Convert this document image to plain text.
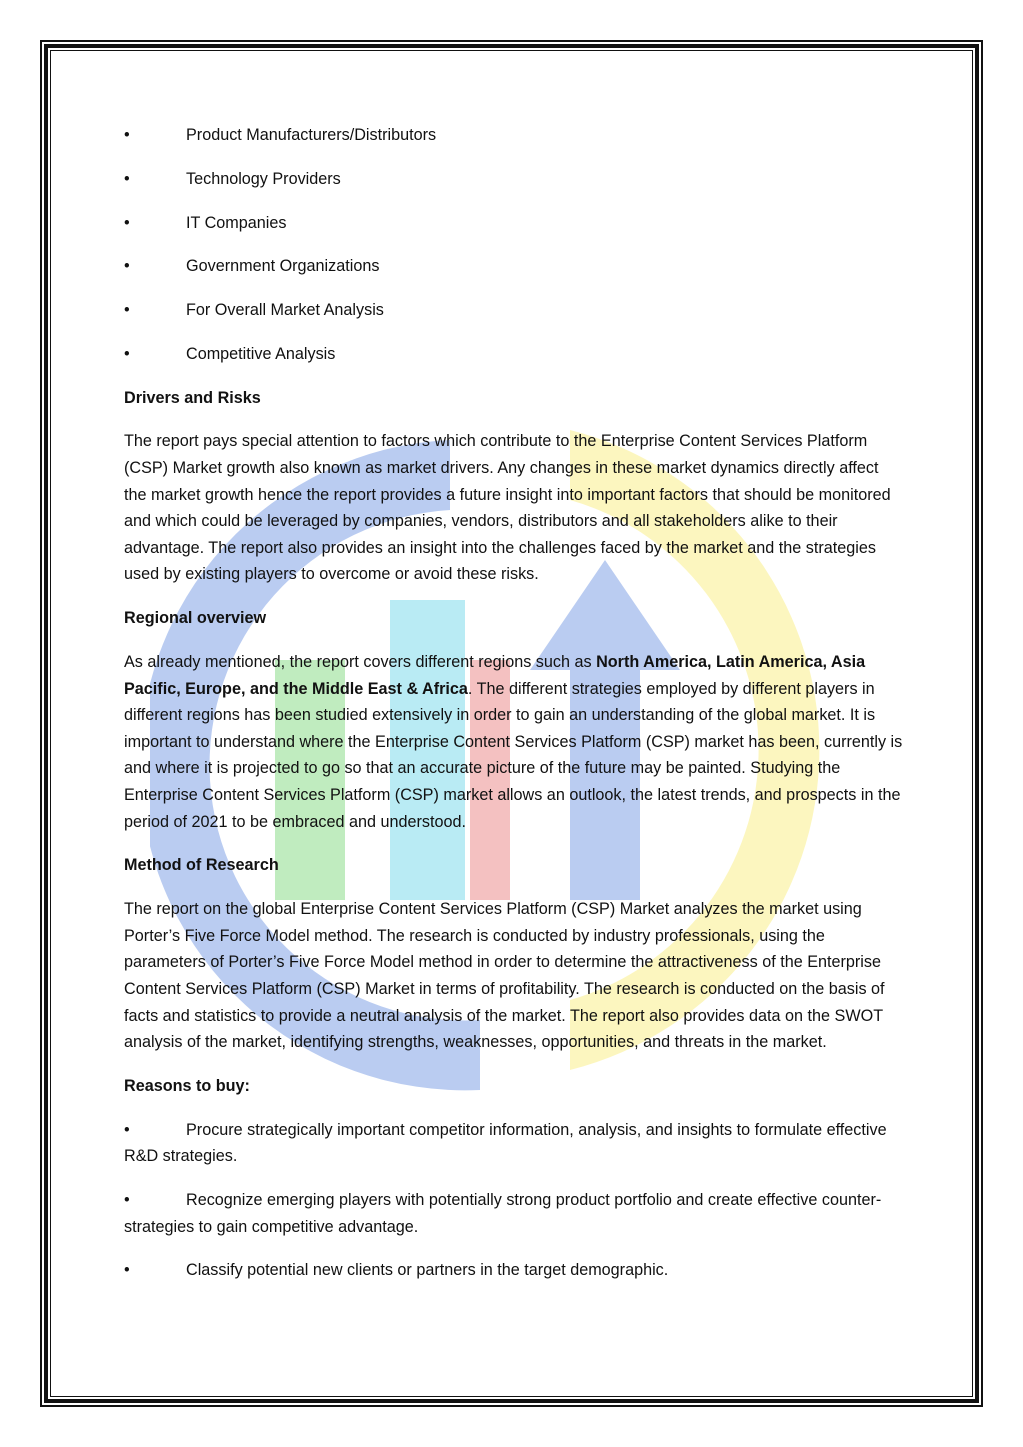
•	Product Manufacturers/Distributors
•	Technology Providers
•	IT Companies
•	Government Organizations
•	For Overall Market Analysis
•	Competitive Analysis
Drivers and Risks
The report pays special attention to factors which contribute to the Enterprise Content Services Platform (CSP) Market growth also known as market drivers. Any changes in these market dynamics directly affect the market growth hence the report provides a future insight into important factors that should be monitored and which could be leveraged by companies, vendors, distributors and all stakeholders alike to their advantage. The report also provides an insight into the challenges faced by the market and the strategies used by existing players to overcome or avoid these risks.
Regional overview
As already mentioned, the report covers different regions such as North America, Latin America, Asia Pacific, Europe, and the Middle East & Africa. The different strategies employed by different players in different regions has been studied extensively in order to gain an understanding of the global market. It is important to understand where the Enterprise Content Services Platform (CSP) market has been, currently is and where it is projected to go so that an accurate picture of the future may be painted. Studying the Enterprise Content Services Platform (CSP) market allows an outlook, the latest trends, and prospects in the period of 2021 to be embraced and understood.
Method of Research
The report on the global Enterprise Content Services Platform (CSP) Market analyzes the market using Porter’s Five Force Model method. The research is conducted by industry professionals, using the parameters of Porter’s Five Force Model method in order to determine the attractiveness of the Enterprise Content Services Platform (CSP) Market in terms of profitability. The research is conducted on the basis of facts and statistics to provide a neutral analysis of the market. The report also provides data on the SWOT analysis of the market, identifying strengths, weaknesses, opportunities, and threats in the market.
Reasons to buy:
•	Procure strategically important competitor information, analysis, and insights to formulate effective R&D strategies.
•	Recognize emerging players with potentially strong product portfolio and create effective counter-strategies to gain competitive advantage.
•	Classify potential new clients or partners in the target demographic.
